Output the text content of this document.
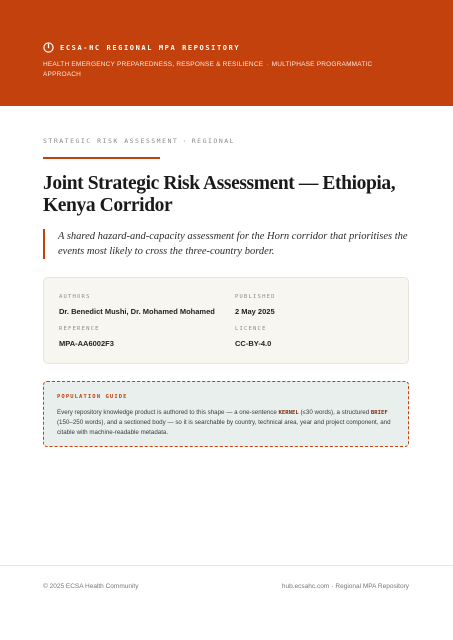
ECSA-HC REGIONAL MPA REPOSITORY
HEALTH EMERGENCY PREPAREDNESS, RESPONSE & RESILIENCE · MULTIPHASE PROGRAMMATIC APPROACH
STRATEGIC RISK ASSESSMENT · REGIONAL
Joint Strategic Risk Assessment — Ethiopia, Kenya Corridor
A shared hazard-and-capacity assessment for the Horn corridor that prioritises the events most likely to cross the three-country border.
AUTHORS
Dr. Benedict Mushi, Dr. Mohamed Mohamed
PUBLISHED
2 May 2025
REFERENCE
MPA-AA6002F3
LICENCE
CC-BY-4.0
POPULATION GUIDE
Every repository knowledge product is authored to this shape — a one-sentence KERNEL (≤30 words), a structured BRIEF (150–250 words), and a sectioned body — so it is searchable by country, technical area, year and project component, and citable with machine-readable metadata.
© 2025 ECSA Health Community	hub.ecsahc.com · Regional MPA Repository
